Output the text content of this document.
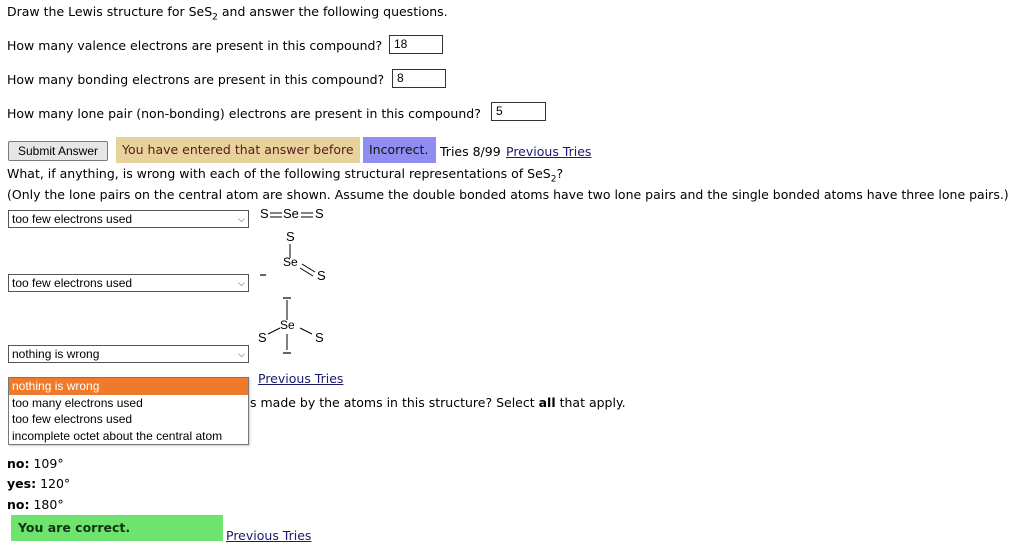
Draw the Lewis structure for SeS$_2$ and answer the following questions.
How many valence electrons are present in this compound? 18
How many bonding electrons are present in this compound?	8
How many lone pair (non-bonding) electrons are present in this compound?	5
Submit Answer	You have entered that answer before	Incorrect. Tries 8/99 Previous Tries
What, if anything, is wrong with each of the following structural representations of SeS$_2$?
(Only the lone pairs on the central atom are shown. Assume the double bonded atoms have two lone pairs and the single bonded atoms have three lone pairs.)
too few electrons used	⌵ S Se S
too few electrons used	⌵
S
Se
S
nothing is wrong	⌵
S
Se
S
Previous Tries
s made by the atoms in this structure? Select all that apply.
nothing is wrong
too many electrons used
too few electrons used
incomplete octet about the central atom
no: 109°
yes: 120°
no: 180°
You are correct.
Previous Tries
